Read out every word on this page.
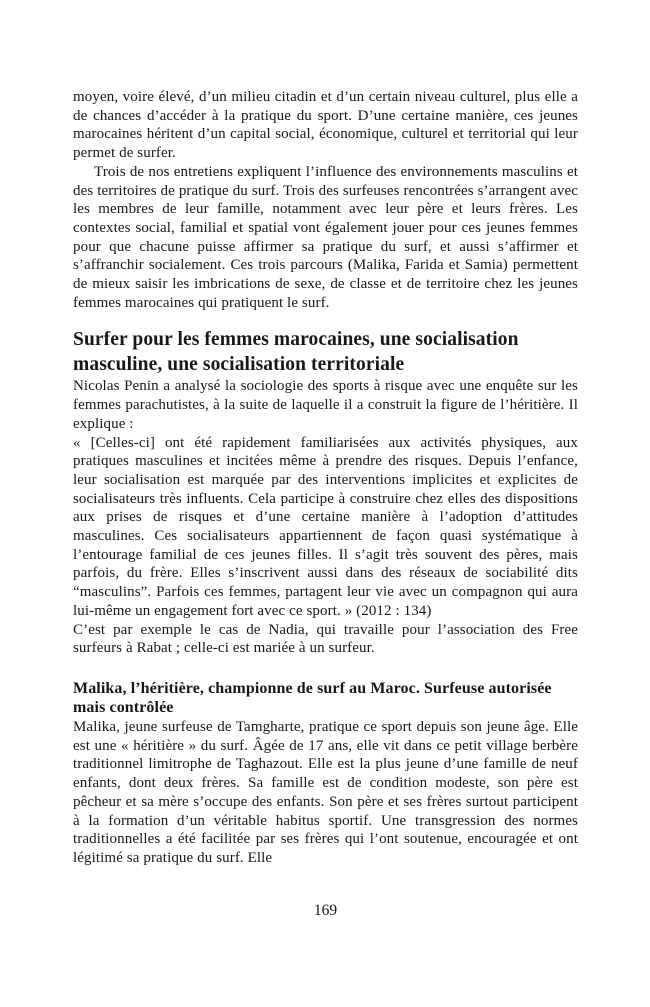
moyen, voire élevé, d’un milieu citadin et d’un certain niveau culturel, plus elle a de chances d’accéder à la pratique du sport. D’une certaine manière, ces jeunes marocaines héritent d’un capital social, économique, culturel et territorial qui leur permet de surfer.

Trois de nos entretiens expliquent l’influence des environnements masculins et des territoires de pratique du surf. Trois des surfeuses rencontrées s’arrangent avec les membres de leur famille, notamment avec leur père et leurs frères. Les contextes social, familial et spatial vont également jouer pour ces jeunes femmes pour que chacune puisse affirmer sa pratique du surf, et aussi s’affirmer et s’affranchir socialement. Ces trois parcours (Malika, Farida et Samia) permettent de mieux saisir les imbrications de sexe, de classe et de territoire chez les jeunes femmes marocaines qui pratiquent le surf.

Surfer pour les femmes marocaines, une socialisation masculine, une socialisation territoriale

Nicolas Penin a analysé la sociologie des sports à risque avec une enquête sur les femmes parachutistes, à la suite de laquelle il a construit la figure de l’héritière. Il explique :

« [Celles-ci] ont été rapidement familiarisées aux activités physiques, aux pratiques masculines et incitées même à prendre des risques. Depuis l’enfance, leur socialisation est marquée par des interventions implicites et explicites de socialisateurs très influents. Cela participe à construire chez elles des dispositions aux prises de risques et d’une certaine manière à l’adoption d’attitudes masculines. Ces socialisateurs appartiennent de façon quasi systématique à l’entourage familial de ces jeunes filles. Il s’agit très souvent des pères, mais parfois, du frère. Elles s’inscrivent aussi dans des réseaux de sociabilité dits “masculins”. Parfois ces femmes, partagent leur vie avec un compagnon qui aura lui-même un engagement fort avec ce sport. » (2012 : 134)

C’est par exemple le cas de Nadia, qui travaille pour l’association des Free surfeurs à Rabat ; celle-ci est mariée à un surfeur.

Malika, l’héritière, championne de surf au Maroc. Surfeuse autorisée mais contrôlée

Malika, jeune surfeuse de Tamgharte, pratique ce sport depuis son jeune âge. Elle est une « héritière » du surf. Âgée de 17 ans, elle vit dans ce petit village berbère traditionnel limitrophe de Taghazout. Elle est la plus jeune d’une famille de neuf enfants, dont deux frères. Sa famille est de condition modeste, son père est pêcheur et sa mère s’occupe des enfants. Son père et ses frères surtout participent à la formation d’un véritable habitus sportif. Une transgression des normes traditionnelles a été facilitée par ses frères qui l’ont soutenue, encouragée et ont légitimé sa pratique du surf. Elle

169
